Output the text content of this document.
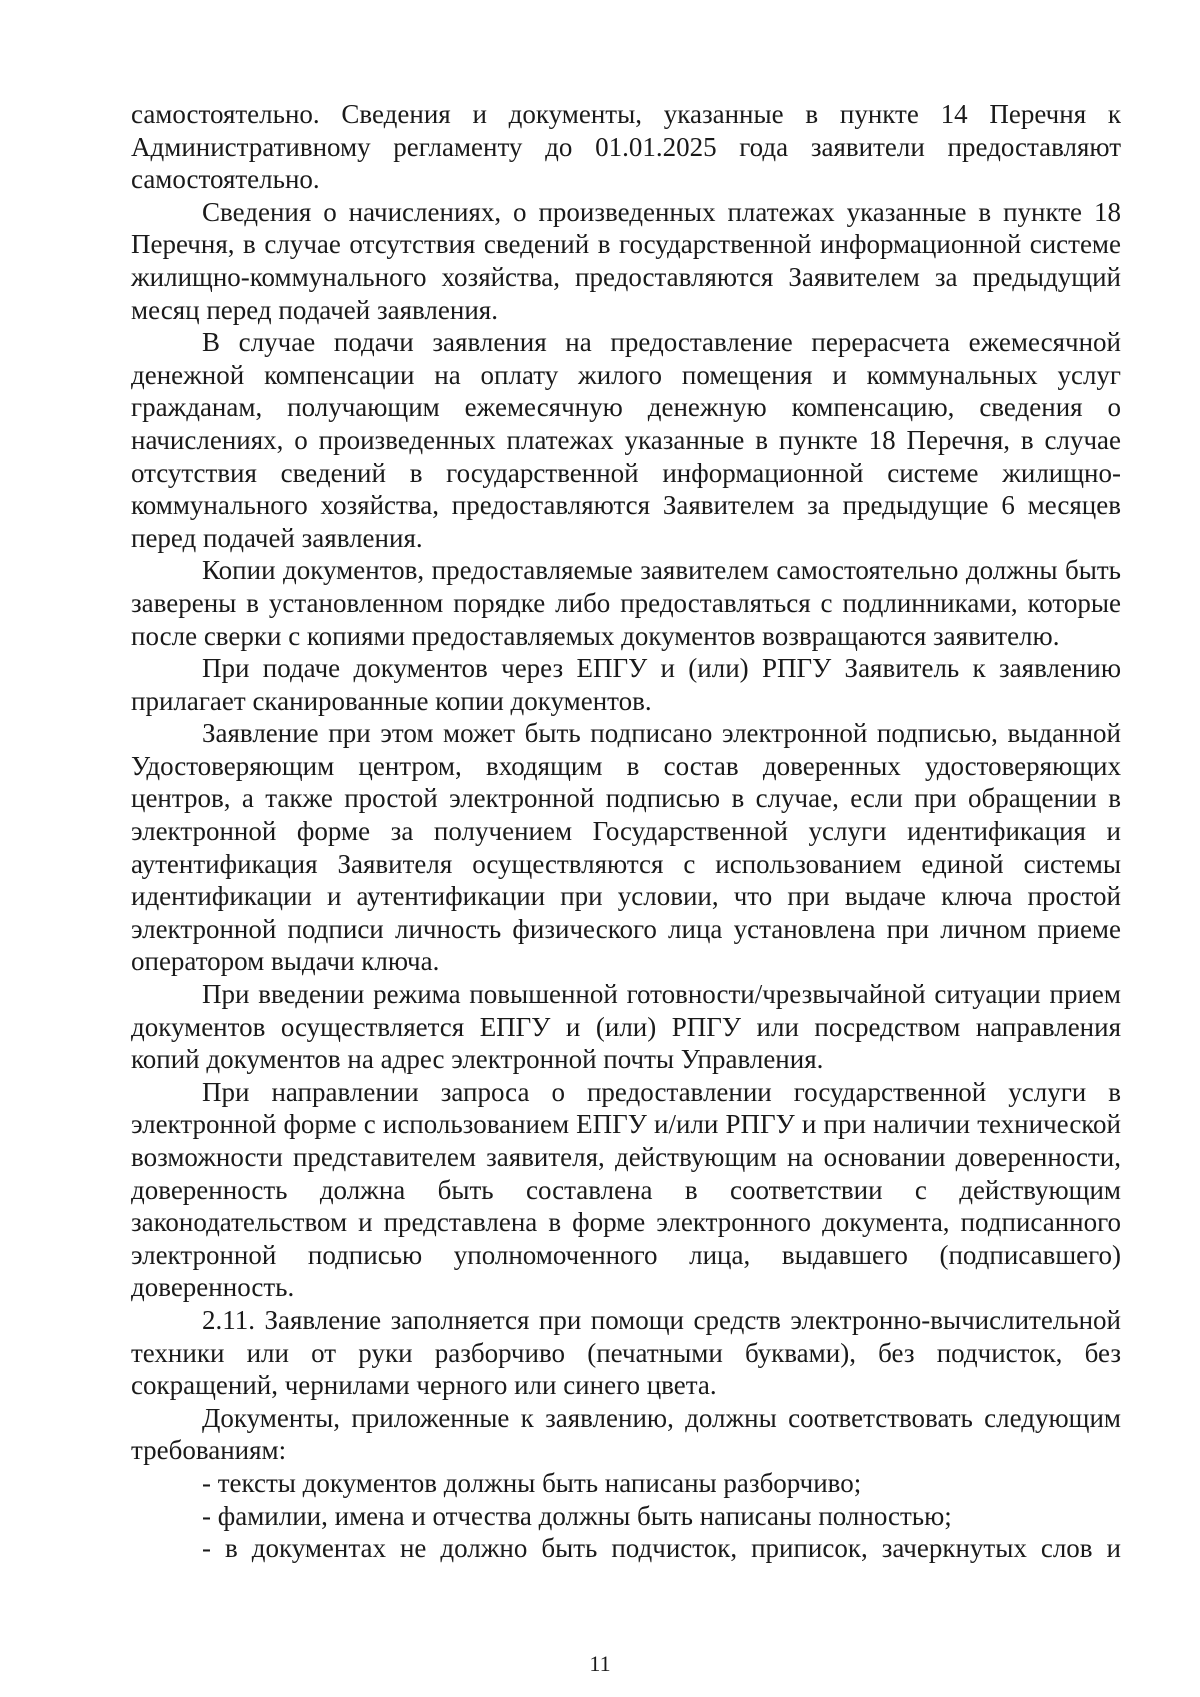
самостоятельно. Сведения и документы, указанные в пункте 14 Перечня к Административному регламенту до 01.01.2025 года заявители предоставляют самостоятельно.

Сведения о начислениях, о произведенных платежах указанные в пункте 18 Перечня, в случае отсутствия сведений в государственной информационной системе жилищно-коммунального хозяйства, предоставляются Заявителем за предыдущий месяц перед подачей заявления.

В случае подачи заявления на предоставление перерасчета ежемесячной денежной компенсации на оплату жилого помещения и коммунальных услуг гражданам, получающим ежемесячную денежную компенсацию, сведения о начислениях, о произведенных платежах указанные в пункте 18 Перечня, в случае отсутствия сведений в государственной информационной системе жилищно-коммунального хозяйства, предоставляются Заявителем за предыдущие 6 месяцев перед подачей заявления.

Копии документов, предоставляемые заявителем самостоятельно должны быть заверены в установленном порядке либо предоставляться с подлинниками, которые после сверки с копиями предоставляемых документов возвращаются заявителю.

При подаче документов через ЕПГУ и (или) РПГУ Заявитель к заявлению прилагает сканированные копии документов.

Заявление при этом может быть подписано электронной подписью, выданной Удостоверяющим центром, входящим в состав доверенных удостоверяющих центров, а также простой электронной подписью в случае, если при обращении в электронной форме за получением Государственной услуги идентификация и аутентификация Заявителя осуществляются с использованием единой системы идентификации и аутентификации при условии, что при выдаче ключа простой электронной подписи личность физического лица установлена при личном приеме оператором выдачи ключа.

При введении режима повышенной готовности/чрезвычайной ситуации прием документов осуществляется ЕПГУ и (или) РПГУ или посредством направления копий документов на адрес электронной почты Управления.

При направлении запроса о предоставлении государственной услуги в электронной форме с использованием ЕПГУ и/или РПГУ и при наличии технической возможности представителем заявителя, действующим на основании доверенности, доверенность должна быть составлена в соответствии с действующим законодательством и представлена в форме электронного документа, подписанного электронной подписью уполномоченного лица, выдавшего (подписавшего) доверенность.

2.11. Заявление заполняется при помощи средств электронно-вычислительной техники или от руки разборчиво (печатными буквами), без подчисток, без сокращений, чернилами черного или синего цвета.

Документы, приложенные к заявлению, должны соответствовать следующим требованиям:

- тексты документов должны быть написаны разборчиво;

- фамилии, имена и отчества должны быть написаны полностью;

- в документах не должно быть подчисток, приписок, зачеркнутых слов и

11
